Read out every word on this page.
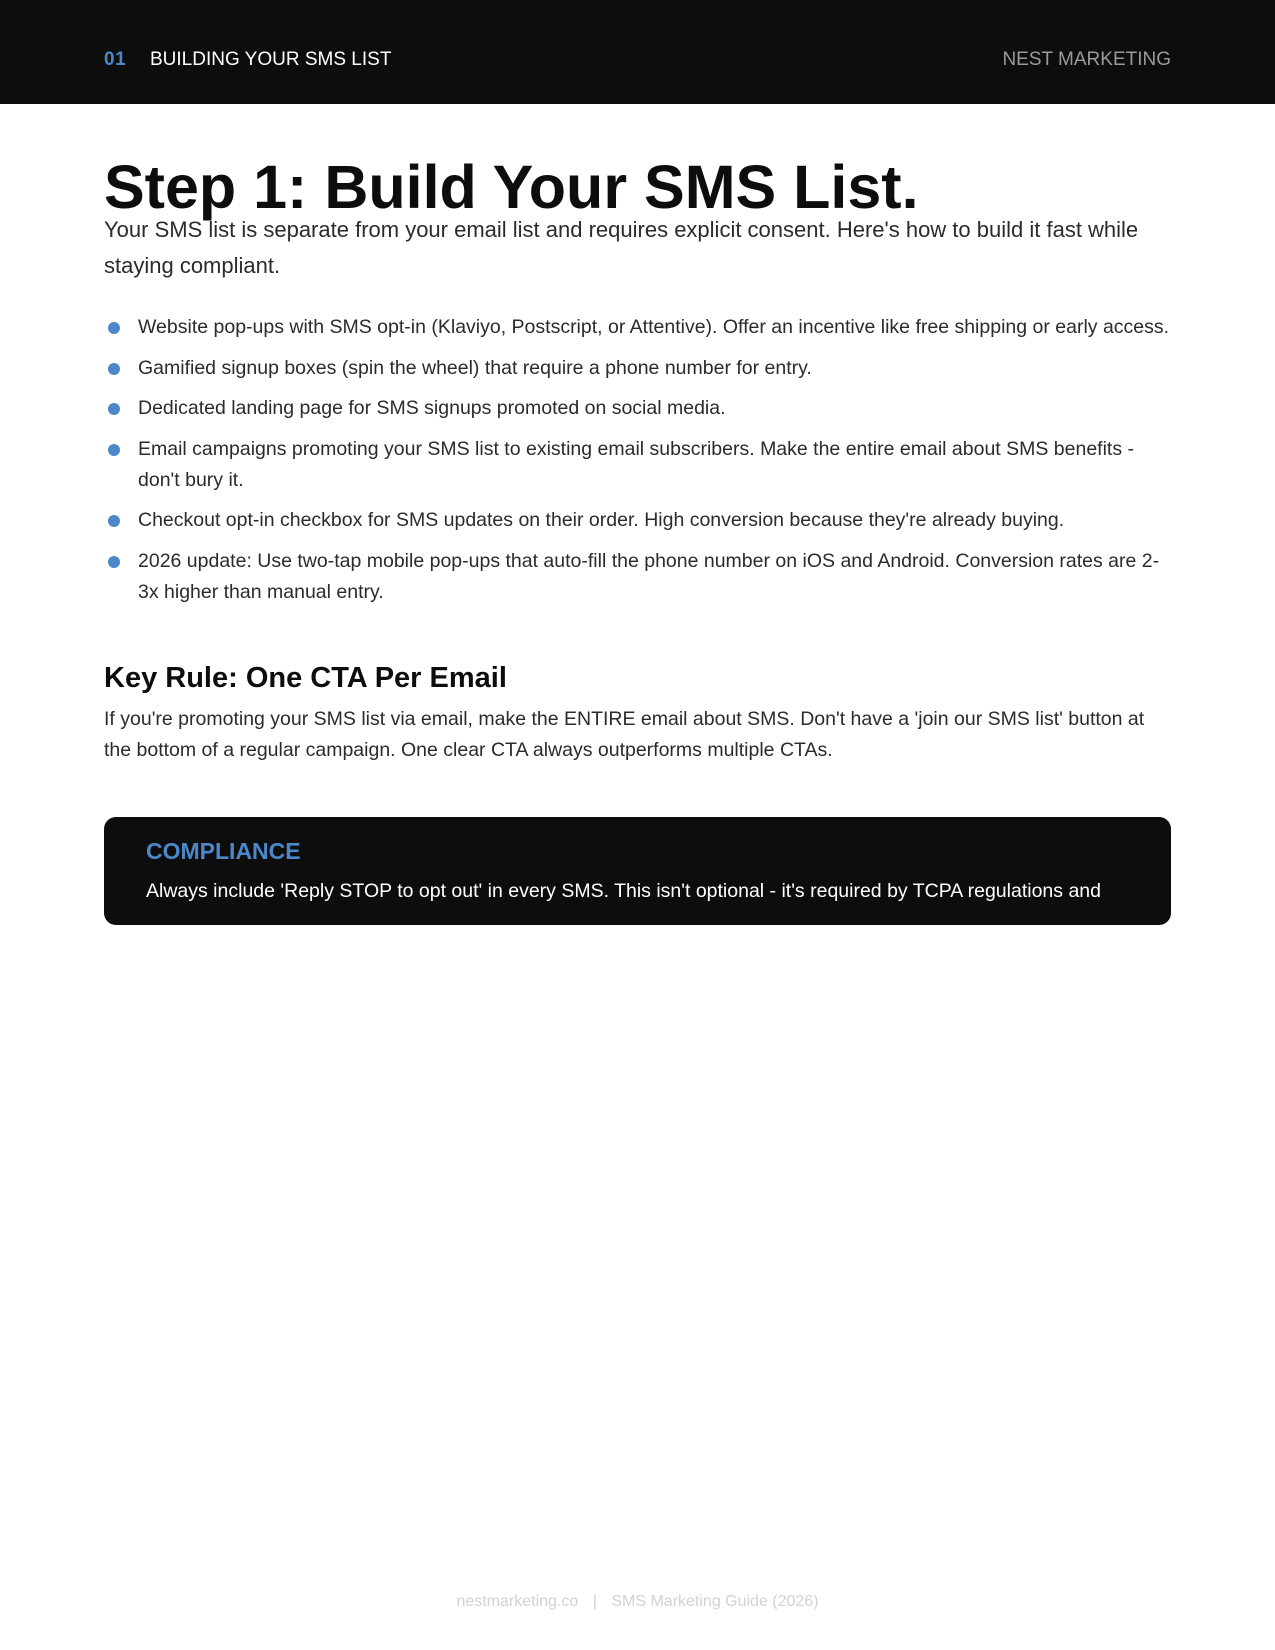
01 BUILDING YOUR SMS LIST	NEST MARKETING
Step 1: Build Your SMS List.

Your SMS list is separate from your email list and requires explicit consent. Here's how to build it fast while staying compliant.

Website pop-ups with SMS opt-in (Klaviyo, Postscript, or Attentive). Offer an incentive like free shipping or early access.
Gamified signup boxes (spin the wheel) that require a phone number for entry.
Dedicated landing page for SMS signups promoted on social media.
Email campaigns promoting your SMS list to existing email subscribers. Make the entire email about SMS benefits - don't bury it.
Checkout opt-in checkbox for SMS updates on their order. High conversion because they're already buying.
2026 update: Use two-tap mobile pop-ups that auto-fill the phone number on iOS and Android. Conversion rates are 2-3x higher than manual entry.
Key Rule: One CTA Per Email

If you're promoting your SMS list via email, make the ENTIRE email about SMS. Don't have a 'join our SMS list' button at the bottom of a regular campaign. One clear CTA always outperforms multiple CTAs.

COMPLIANCE
Always include 'Reply STOP to opt out' in every SMS. This isn't optional - it's required by TCPA regulations and
nestmarketing.co | SMS Marketing Guide (2026)
